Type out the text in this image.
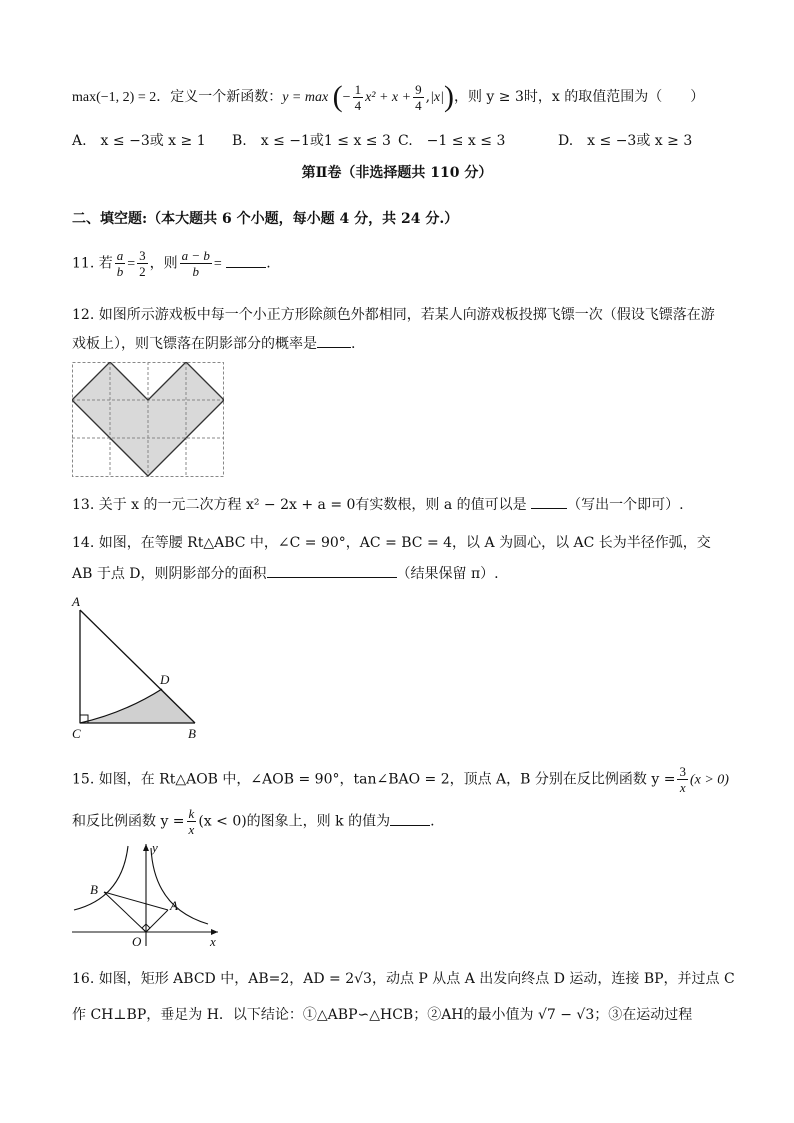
max(−1, 2) = 2．定义一个新函数：y = max (− $\frac{1}{4} x^2 + x + \frac{9}{4} ,|x|$)，则 y ≥ 3时，x 的取值范围为（　　）
A.　x ≤ −3或 x ≥ 1 B.　x ≤ −1或1 ≤ x ≤ 3 C.　−1 ≤ x ≤ 3	D.　x ≤ −3或 x ≥ 3
第Ⅱ卷（非选择题共 110 分）
二、填空题:（本大题共 6 个小题，每小题 4 分，共 24 分.）
11. 若 $\frac{a}{b} = \frac{3}{2}$ ，则 $\frac{a - b}{b}$ =	.
12. 如图所示游戏板中每一个小正方形除颜色外都相同，若某人向游戏板投掷飞镖一次（假设飞镖落在游
戏板上），则飞镖落在阴影部分的概率是 .
13. 关于 x 的一元二次方程 x² − 2x + a = 0有实数根，则 a 的值可以是	（写出一个即可）.
14. 如图，在等腰 Rt△ABC 中，∠C = 90°，AC = BC = 4，以 A 为圆心，以 AC 长为半径作弧，交
AB 于点 D，则阴影部分的面积	（结果保留 π）.
A
C	B
D
15. 如图，在 Rt△AOB 中，∠AOB = 90°，tan∠BAO = 2，顶点 A，B 分别在反比例函数 $y = \frac{3}{x} (x > 0)$
和反比例函数 $y = \frac{k}{x} (x < 0)$的图象上，则 k 的值为	.
B
A
O	x
y
16. 如图，矩形 ABCD 中，AB=2，AD = 2√3，动点 P 从点 A 出发向终点 D 运动，连接 BP，并过点 C
作 CH⊥BP，垂足为 H．以下结论：①△ABP∽△HCB；②AH的最小值为 √7 − √3；③在运动过程
